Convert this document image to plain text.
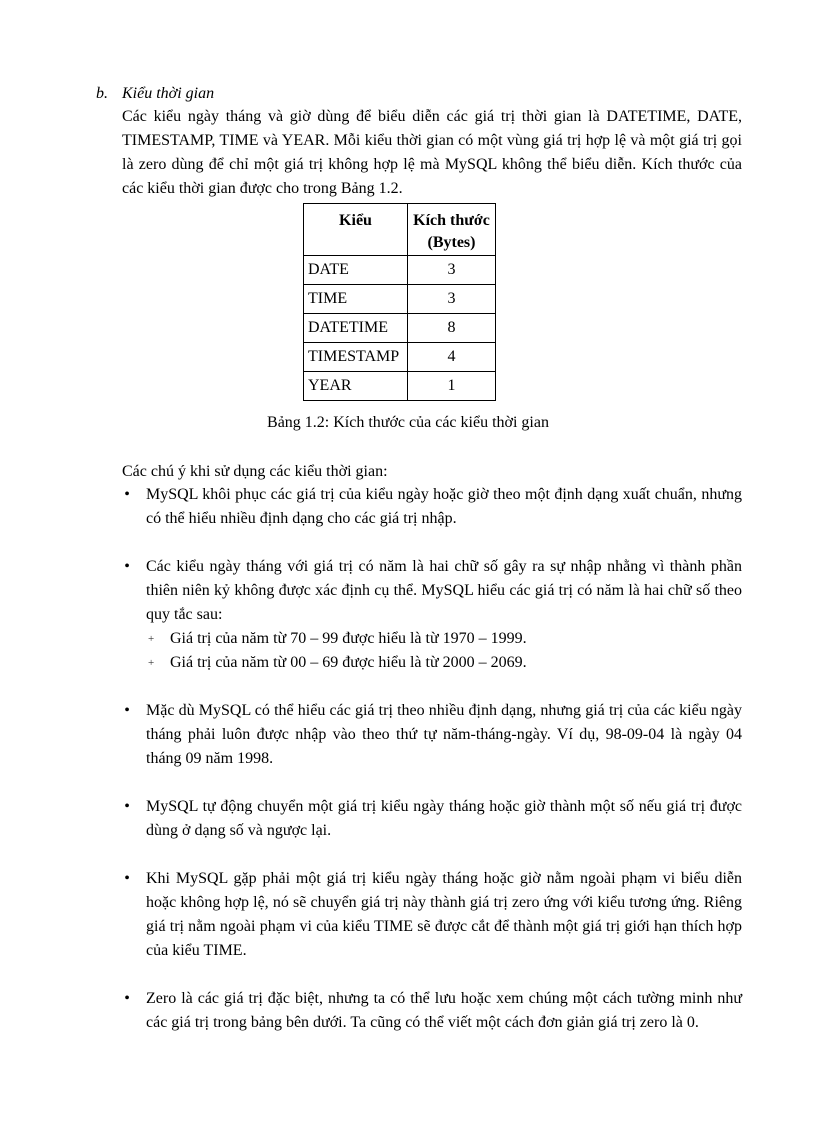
b. Kiểu thời gian

Các kiểu ngày tháng và giờ dùng để biểu diễn các giá trị thời gian là DATETIME, DATE, TIMESTAMP, TIME và YEAR. Mỗi kiểu thời gian có một vùng giá trị hợp lệ và một giá trị gọi là zero dùng để chỉ một giá trị không hợp lệ mà MySQL không thể biểu diễn. Kích thước của các kiểu thời gian được cho trong Bảng 1.2.

Kiểu	Kích thước
(Bytes)
DATE	3
TIME	3
DATETIME	8
TIMESTAMP	4
YEAR	1

Bảng 1.2: Kích thước của các kiểu thời gian

Các chú ý khi sử dụng các kiểu thời gian:

• MySQL khôi phục các giá trị của kiểu ngày hoặc giờ theo một định dạng xuất chuẩn, nhưng có thể hiểu nhiều định dạng cho các giá trị nhập.
• Các kiểu ngày tháng với giá trị có năm là hai chữ số gây ra sự nhập nhằng vì thành phần thiên niên kỷ không được xác định cụ thể. MySQL hiểu các giá trị có năm là hai chữ số theo quy tắc sau:
+ Giá trị của năm từ 70 – 99 được hiểu là từ 1970 – 1999.
+ Giá trị của năm từ 00 – 69 được hiểu là từ 2000 – 2069.
• Mặc dù MySQL có thể hiểu các giá trị theo nhiều định dạng, nhưng giá trị của các kiểu ngày tháng phải luôn được nhập vào theo thứ tự năm-tháng-ngày. Ví dụ, 98-09-04 là ngày 04 tháng 09 năm 1998.
• MySQL tự động chuyển một giá trị kiểu ngày tháng hoặc giờ thành một số nếu giá trị được dùng ở dạng số và ngược lại.
• Khi MySQL gặp phải một giá trị kiểu ngày tháng hoặc giờ nằm ngoài phạm vi biểu diễn hoặc không hợp lệ, nó sẽ chuyển giá trị này thành giá trị zero ứng với kiểu tương ứng. Riêng giá trị nằm ngoài phạm vi của kiểu TIME sẽ được cắt để thành một giá trị giới hạn thích hợp của kiểu TIME.
• Zero là các giá trị đặc biệt, nhưng ta có thể lưu hoặc xem chúng một cách tường minh như các giá trị trong bảng bên dưới. Ta cũng có thể viết một cách đơn giản giá trị zero là 0.
